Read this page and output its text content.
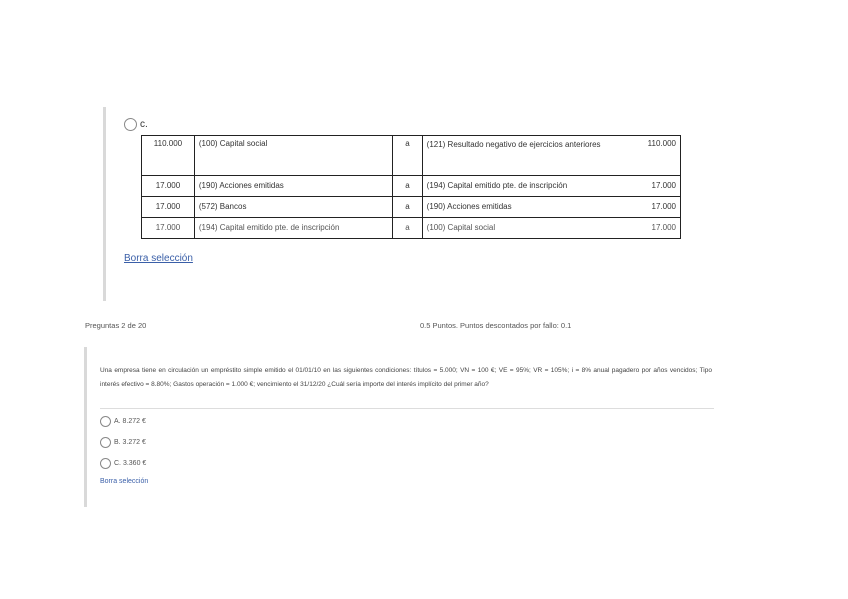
c.
110.000	(100) Capital social	a	(121) Resultado negativo de ejercicios anteriores	110.000
17.000	(190) Acciones emitidas	a	(194) Capital emitido pte. de inscripción	17.000
17.000	(572) Bancos	a	(190) Acciones emitidas	17.000
17.000	(194) Capital emitido pte. de inscripción	a	(100) Capital social	17.000
Borra selección
Preguntas 2 de 20	0.5 Puntos. Puntos descontados por fallo: 0.1
Una empresa tiene en circulación un empréstito simple emitido el 01/01/10 en las siguientes condiciones: títulos = 5.000; VN = 100 €; VE = 95%; VR = 105%; i = 8% anual pagadero por años vencidos; Tipo interés efectivo = 8.80%; Gastos operación = 1.000 €; vencimiento el 31/12/20 ¿Cuál sería importe del interés implícito del primer año?
A. 8.272 €
B. 3.272 €
C. 3.360 €
Borra selección
